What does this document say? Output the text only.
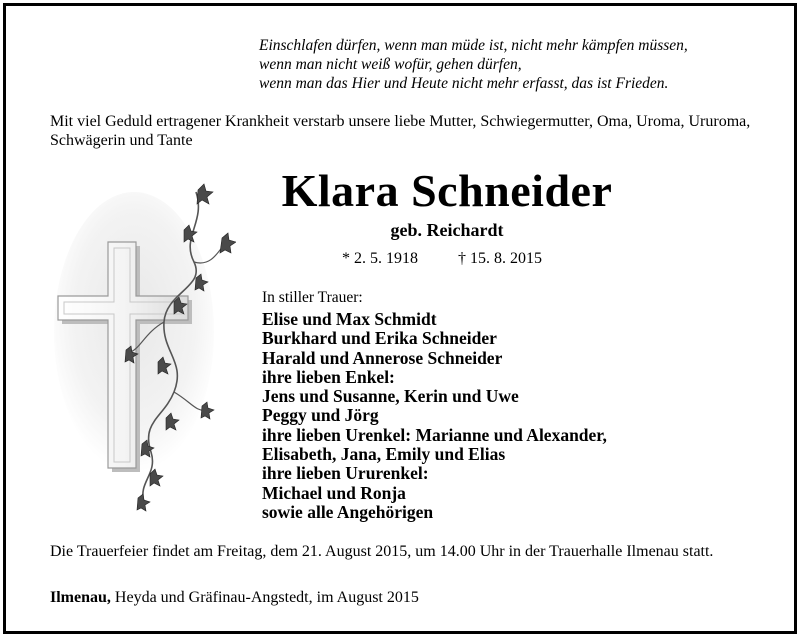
Einschlafen dürfen, wenn man müde ist, nicht mehr kämpfen müssen,
wenn man nicht weiß wofür, gehen dürfen,
wenn man das Hier und Heute nicht mehr erfasst, das ist Frieden.
Mit viel Geduld ertragener Krankheit verstarb unsere liebe Mutter, Schwiegermutter, Oma, Uroma, Ururoma, Schwägerin und Tante
Klara Schneider
geb. Reichardt
* 2. 5. 1918	† 15. 8. 2015
In stiller Trauer:
Elise und Max Schmidt
Burkhard und Erika Schneider
Harald und Annerose Schneider
ihre lieben Enkel:
Jens und Susanne, Kerin und Uwe
Peggy und Jörg
ihre lieben Urenkel: Marianne und Alexander,
Elisabeth, Jana, Emily und Elias
ihre lieben Ururenkel:
Michael und Ronja
sowie alle Angehörigen
Die Trauerfeier findet am Freitag, dem 21. August 2015, um 14.00 Uhr in der Trauerhalle Ilmenau statt.
Ilmenau, Heyda und Gräfinau-Angstedt, im August 2015
